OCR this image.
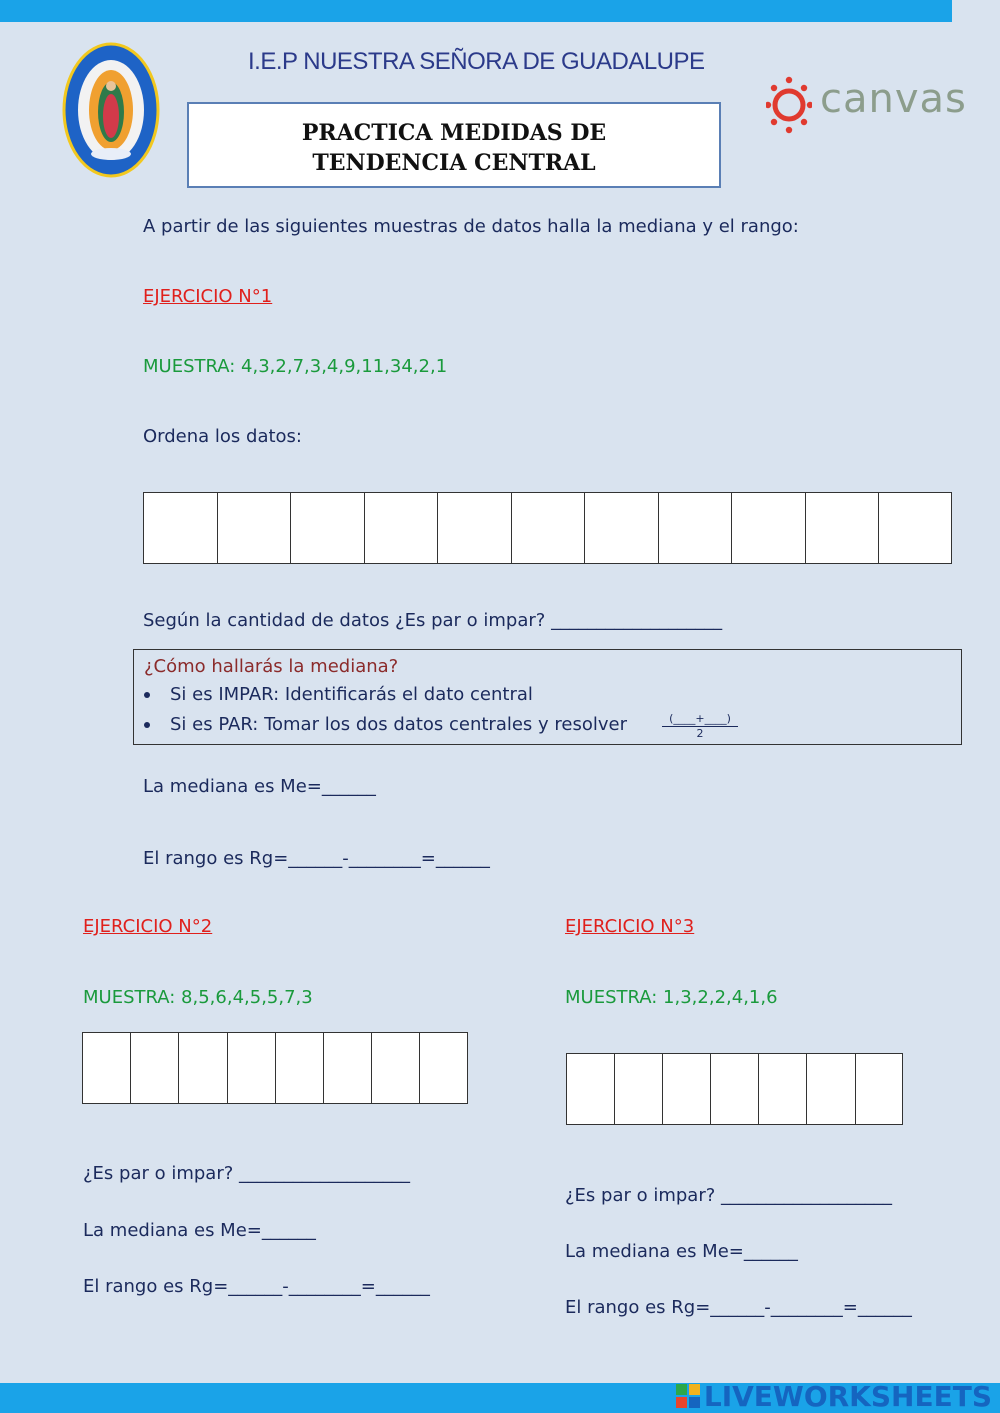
I.E.P NUESTRA SEÑORA DE GUADALUPE
PRACTICA MEDIDAS DE
TENDENCIA CENTRAL
canvas
A partir de las siguientes muestras de datos halla la mediana y el rango:
EJERCICIO N°1
MUESTRA: 4,3,2,7,3,4,9,11,34,2,1
Ordena los datos:
Según la cantidad de datos ¿Es par o impar? ___________________
¿Cómo hallarás la mediana?
Si es IMPAR: Identificarás el dato central
Si es PAR: Tomar los dos datos centrales y resolver	(____+____)
2
La mediana es Me=______
El rango es Rg=______-________=______
EJERCICIO N°2
MUESTRA: 8,5,6,4,5,5,7,3
¿Es par o impar? ___________________
La mediana es Me=______
El rango es Rg=______-________=______
EJERCICIO N°3
MUESTRA: 1,3,2,2,4,1,6
¿Es par o impar? ___________________
La mediana es Me=______
El rango es Rg=______-________=______
LIVEWORKSHEETS
